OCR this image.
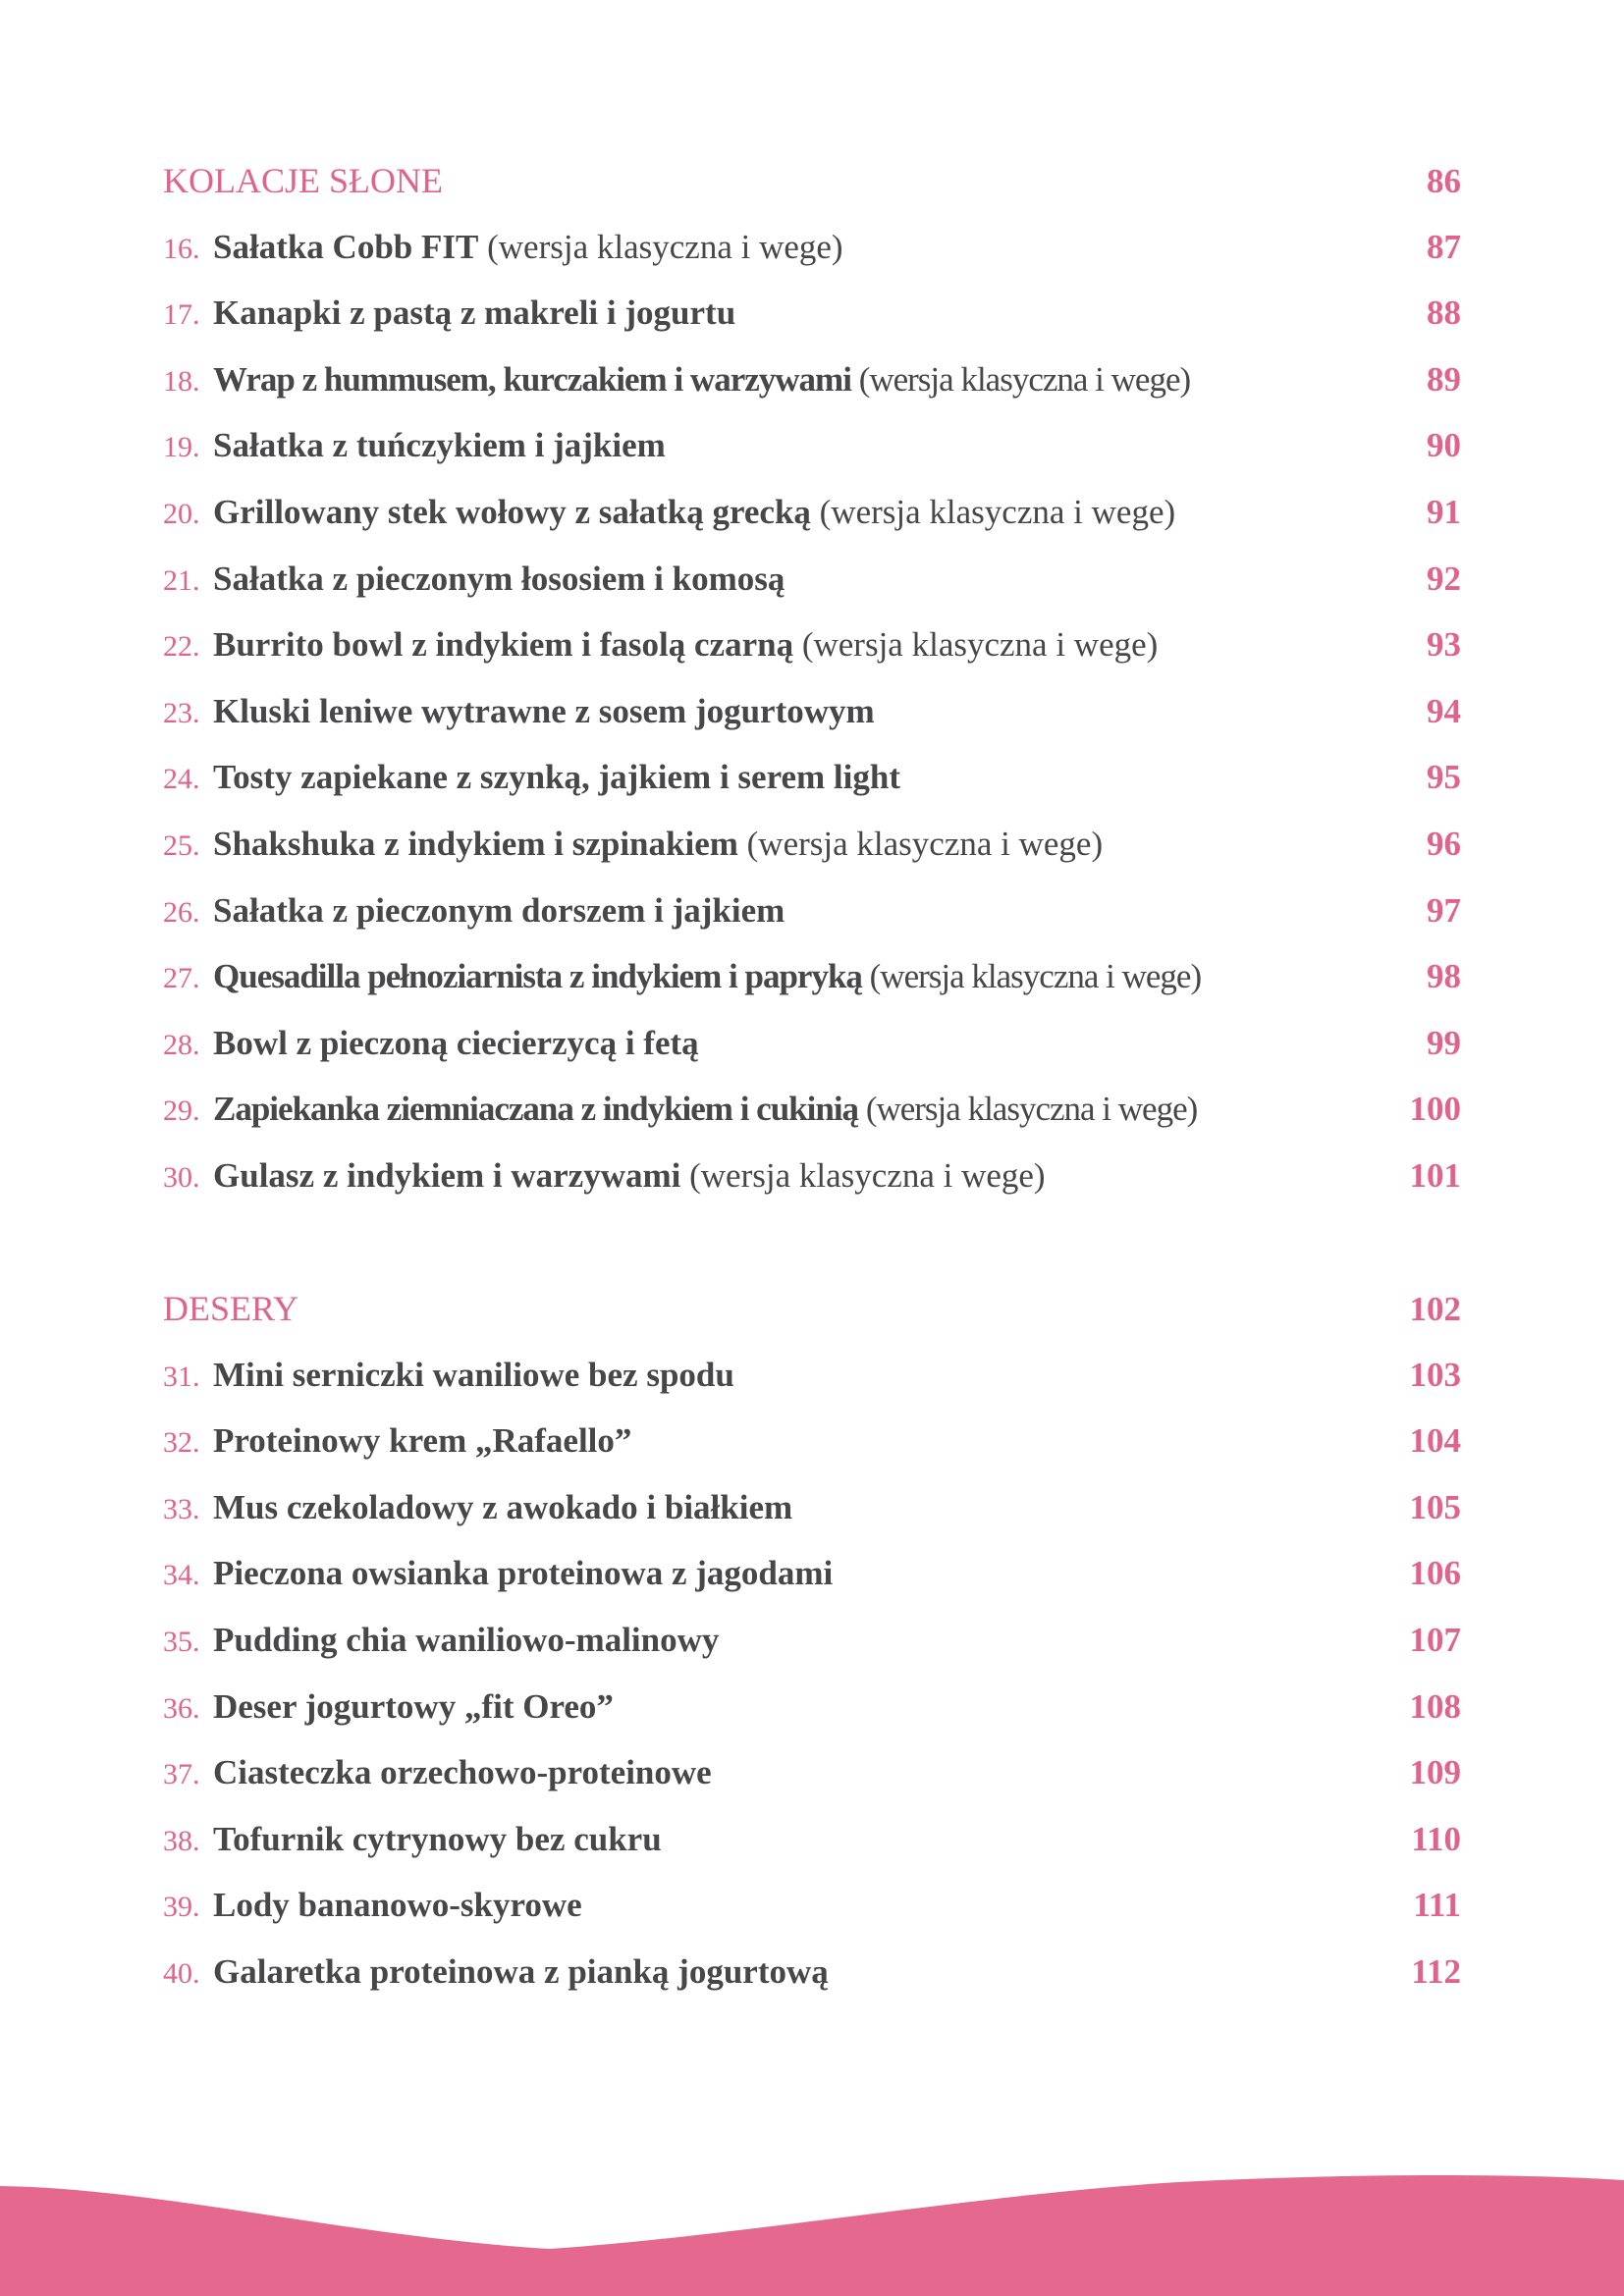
KOLACJE SŁONE	86
16. Sałatka Cobb FIT (wersja klasyczna i wege)	87
17. Kanapki z pastą z makreli i jogurtu	88
18. Wrap z hummusem, kurczakiem i warzywami (wersja klasyczna i wege)	89
19. Sałatka z tuńczykiem i jajkiem	90
20. Grillowany stek wołowy z sałatką grecką (wersja klasyczna i wege)	91
21. Sałatka z pieczonym łososiem i komosą	92
22. Burrito bowl z indykiem i fasolą czarną (wersja klasyczna i wege)	93
23. Kluski leniwe wytrawne z sosem jogurtowym	94
24. Tosty zapiekane z szynką, jajkiem i serem light	95
25. Shakshuka z indykiem i szpinakiem (wersja klasyczna i wege)	96
26. Sałatka z pieczonym dorszem i jajkiem	97
27. Quesadilla pełnoziarnista z indykiem i papryką (wersja klasyczna i wege)	98
28. Bowl z pieczoną ciecierzycą i fetą	99
29. Zapiekanka ziemniaczana z indykiem i cukinią (wersja klasyczna i wege)	100
30. Gulasz z indykiem i warzywami (wersja klasyczna i wege)	101
DESERY	102
31. Mini serniczki waniliowe bez spodu	103
32. Proteinowy krem „Rafaello”	104
33. Mus czekoladowy z awokado i białkiem	105
34. Pieczona owsianka proteinowa z jagodami	106
35. Pudding chia waniliowo-malinowy	107
36. Deser jogurtowy „fit Oreo”	108
37. Ciasteczka orzechowo-proteinowe	109
38. Tofurnik cytrynowy bez cukru	110
39. Lody bananowo-skyrowe	111
40. Galaretka proteinowa z pianką jogurtową	112
